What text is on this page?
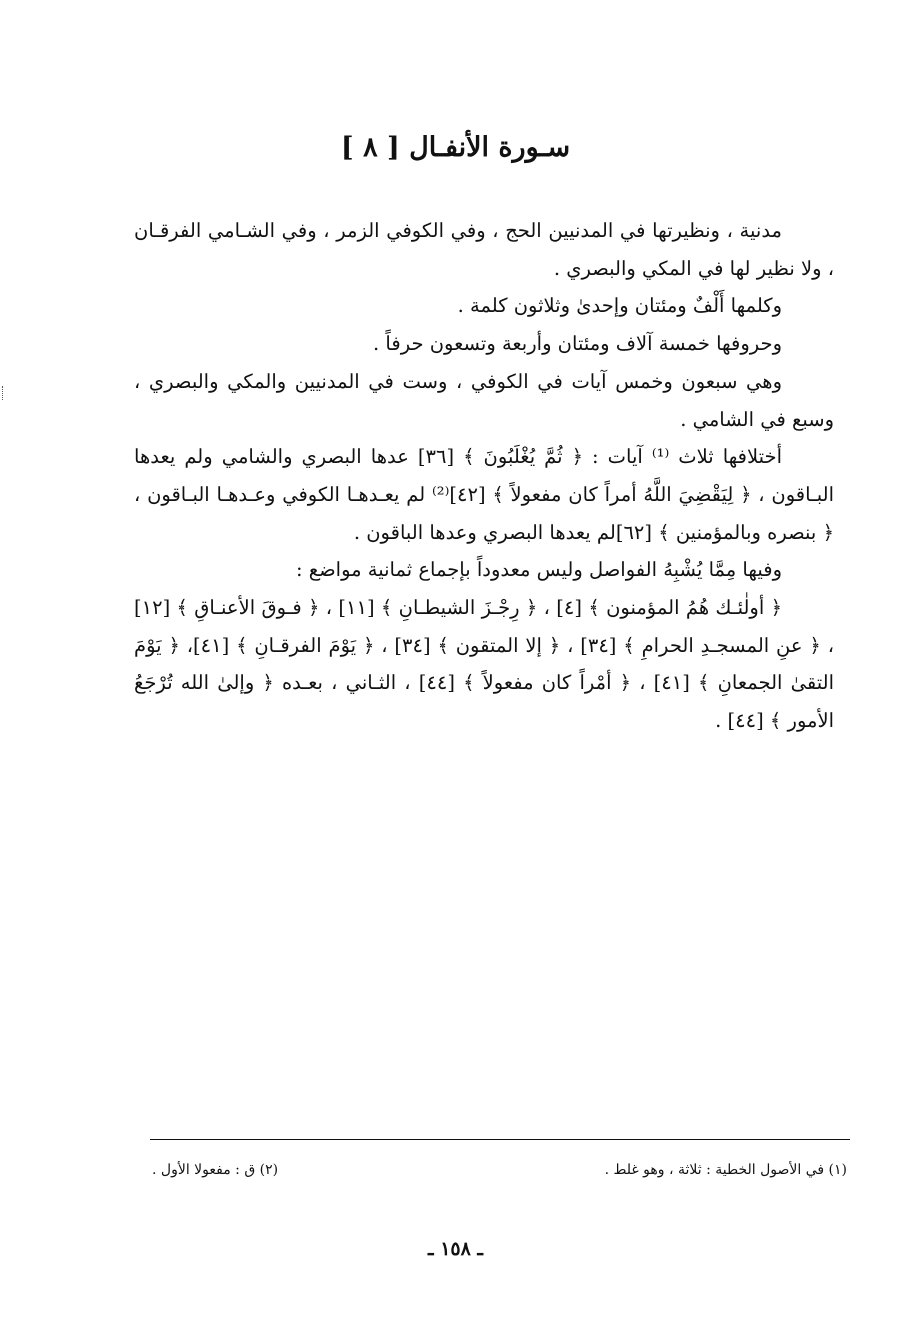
سـورة الأنفـال [ ٨ ]

مدنية ، ونظيرتها في المدنيين الحج ، وفي الكوفي الزمر ، وفي الشـامي الفرقـان ، ولا نظير لها في المكي والبصري .

وكلمها أَلْفٌ ومئتان وإحدىٰ وثلاثون كلمة .

وحروفها خمسة آلاف ومئتان وأربعة وتسعون حرفاً .

وهي سبعون وخمس آيات في الكوفي ، وست في المدنيين والمكي والبصري ، وسبع في الشامي .

أختلافها ثلاث ⁽¹⁾ آيات : ﴿ ثُمَّ يُغْلَبُونَ ﴾ [٣٦] عدها البصري والشامي ولم يعدها البـاقون ، ﴿ لِيَقْضِيَ اللَّهُ أمراً كان مفعولاً ﴾ [٤٢]⁽²⁾ لم يعـدهـا الكوفي وعـدهـا البـاقون ، ﴿ بنصره وبالمؤمنين ﴾ [٦٢]لم يعدها البصري وعدها الباقون .

وفيها مِمَّا يُشْبِهُ الفواصل وليس معدوداً بإجماع ثمانية مواضع :

﴿ أولٰئـك هُمُ المؤمنون ﴾ [٤] ، ﴿ رِجْـزَ الشيطـانِ ﴾ [١١] ، ﴿ فـوقَ الأعنـاقِ ﴾ [١٢] ، ﴿ عنِ المسجـدِ الحرامِ ﴾ [٣٤] ، ﴿ إلا المتقون ﴾ [٣٤] ، ﴿ يَوْمَ الفرقـانِ ﴾ [٤١]، ﴿ يَوْمَ التقىٰ الجمعانِ ﴾ [٤١] ، ﴿ أمْراً كان مفعولاً ﴾ [٤٤] ، الثـاني ، بعـده ﴿ وإلىٰ الله تُرْجَعُ الأمور ﴾ [٤٤] .

(١) في الأصول الخطية : ثلاثة ، وهو غلط .
(٢) ق : مفعولا الأول .
ـ ١٥٨ ـ
